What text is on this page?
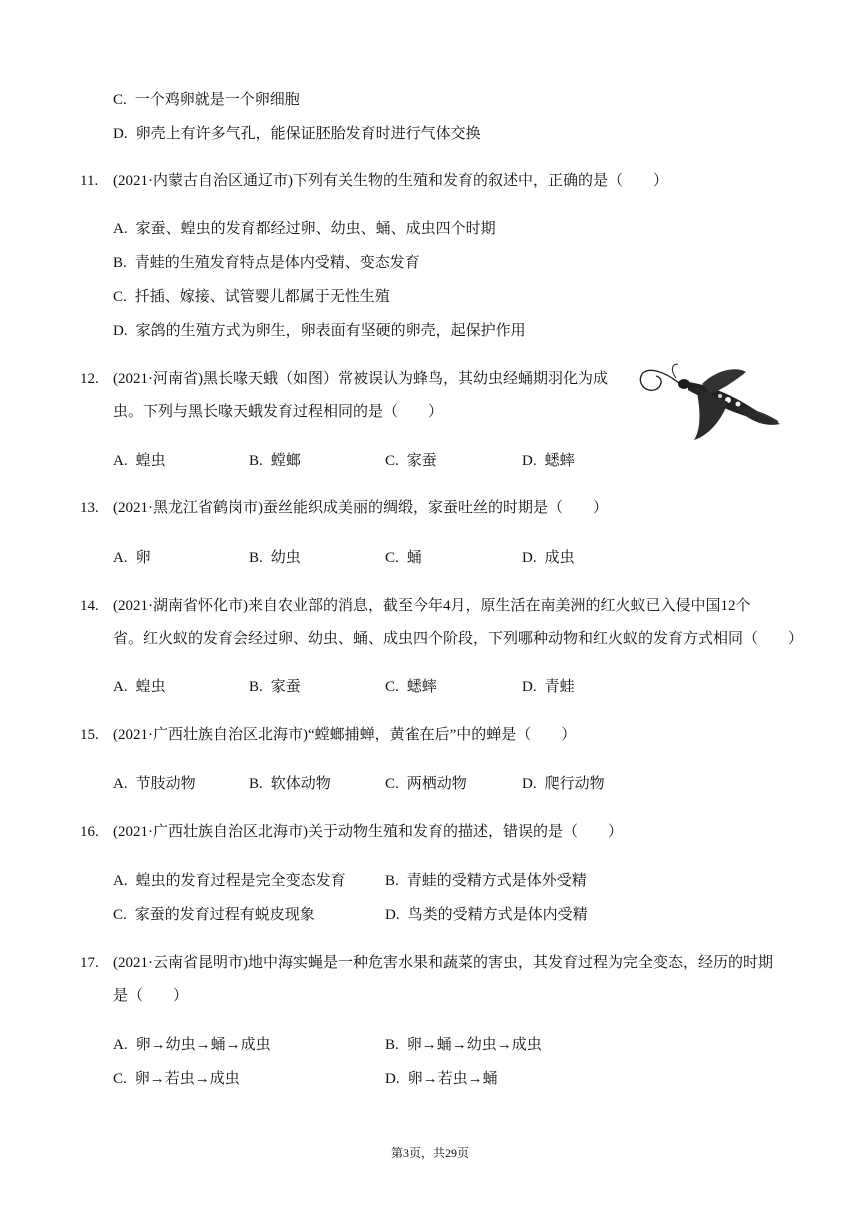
C. 一个鸡卵就是一个卵细胞
D. 卵壳上有许多气孔，能保证胚胎发育时进行气体交换
11. (2021·内蒙古自治区通辽市)下列有关生物的生殖和发育的叙述中，正确的是（　　）
A. 家蚕、蝗虫的发育都经过卵、幼虫、蛹、成虫四个时期
B. 青蛙的生殖发育特点是体内受精、变态发育
C. 扦插、嫁接、试管婴儿都属于无性生殖
D. 家鸽的生殖方式为卵生，卵表面有坚硬的卵壳，起保护作用
12. (2021·河南省)黑长喙天蛾（如图）常被误认为蜂鸟，其幼虫经蛹期羽化为成
虫。下列与黑长喙天蛾发育过程相同的是（　　）
A. 蝗虫	B. 螳螂	C. 家蚕	D. 蟋蟀
13. (2021·黑龙江省鹤岗市)蚕丝能织成美丽的绸缎，家蚕吐丝的时期是（　　）
A. 卵	B. 幼虫	C. 蛹	D. 成虫
14. (2021·湖南省怀化市)来自农业部的消息，截至今年4月，原生活在南美洲的红火蚁已入侵中国12个
省。红火蚁的发育会经过卵、幼虫、蛹、成虫四个阶段，下列哪种动物和红火蚁的发育方式相同（　　）
A. 蝗虫	B. 家蚕	C. 蟋蟀	D. 青蛙
15. (2021·广西壮族自治区北海市)“螳螂捕蝉，黄雀在后”中的蝉是（　　）
A. 节肢动物	B. 软体动物	C. 两栖动物	D. 爬行动物
16. (2021·广西壮族自治区北海市)关于动物生殖和发育的描述，错误的是（　　）
A. 蝗虫的发育过程是完全变态发育	B. 青蛙的受精方式是体外受精
C. 家蚕的发育过程有蜕皮现象	D. 鸟类的受精方式是体内受精
17. (2021·云南省昆明市)地中海实蝇是一种危害水果和蔬菜的害虫，其发育过程为完全变态，经历的时期
是（　　）
A. 卵→幼虫→蛹→成虫	B. 卵→蛹→幼虫→成虫
C. 卵→若虫→成虫	D. 卵→若虫→蛹
第3页，共29页
